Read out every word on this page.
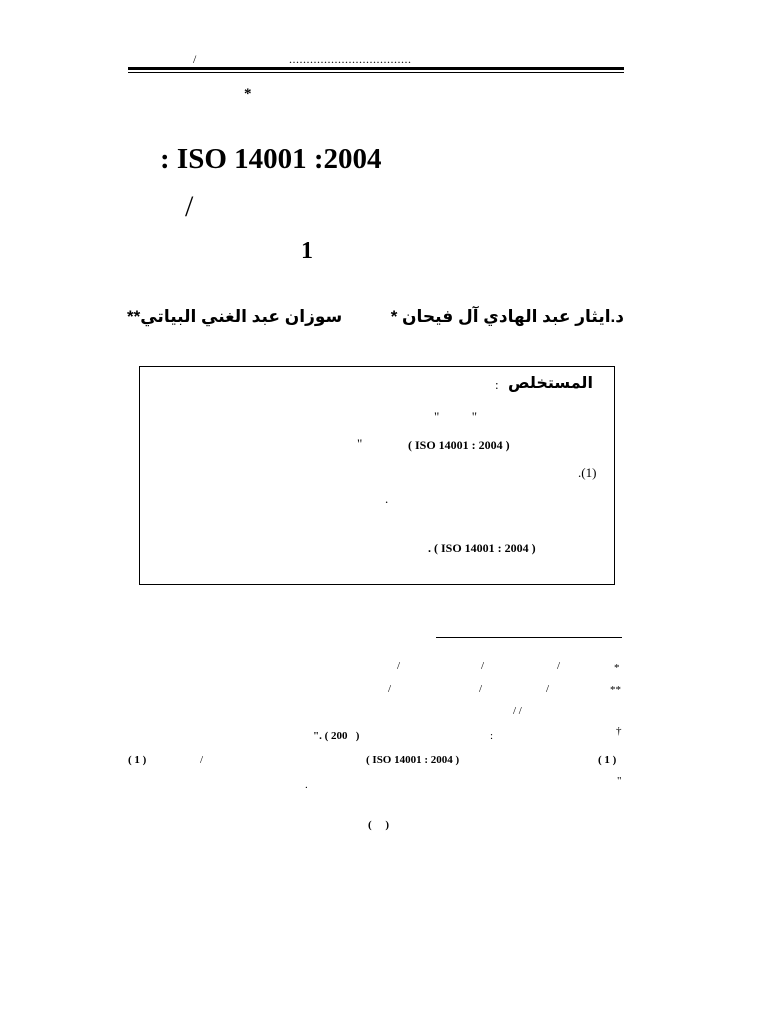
/	...................................
*
: ISO 14001 :2004
/
1
د.ايثار عبد الهادي آل فيحان *
سوزان عبد الغني البياتي**
المستخلص
:
"          "
"	( ISO 14001 : 2004 )
.(1)
.
. ( ISO 14001 : 2004 )
*
/
/
/
**
/
/
/
/ /
†
:
". ( 200   )
( 1 )	/	( ISO 14001 : 2004 )	( 1 )
"
.
(     )
